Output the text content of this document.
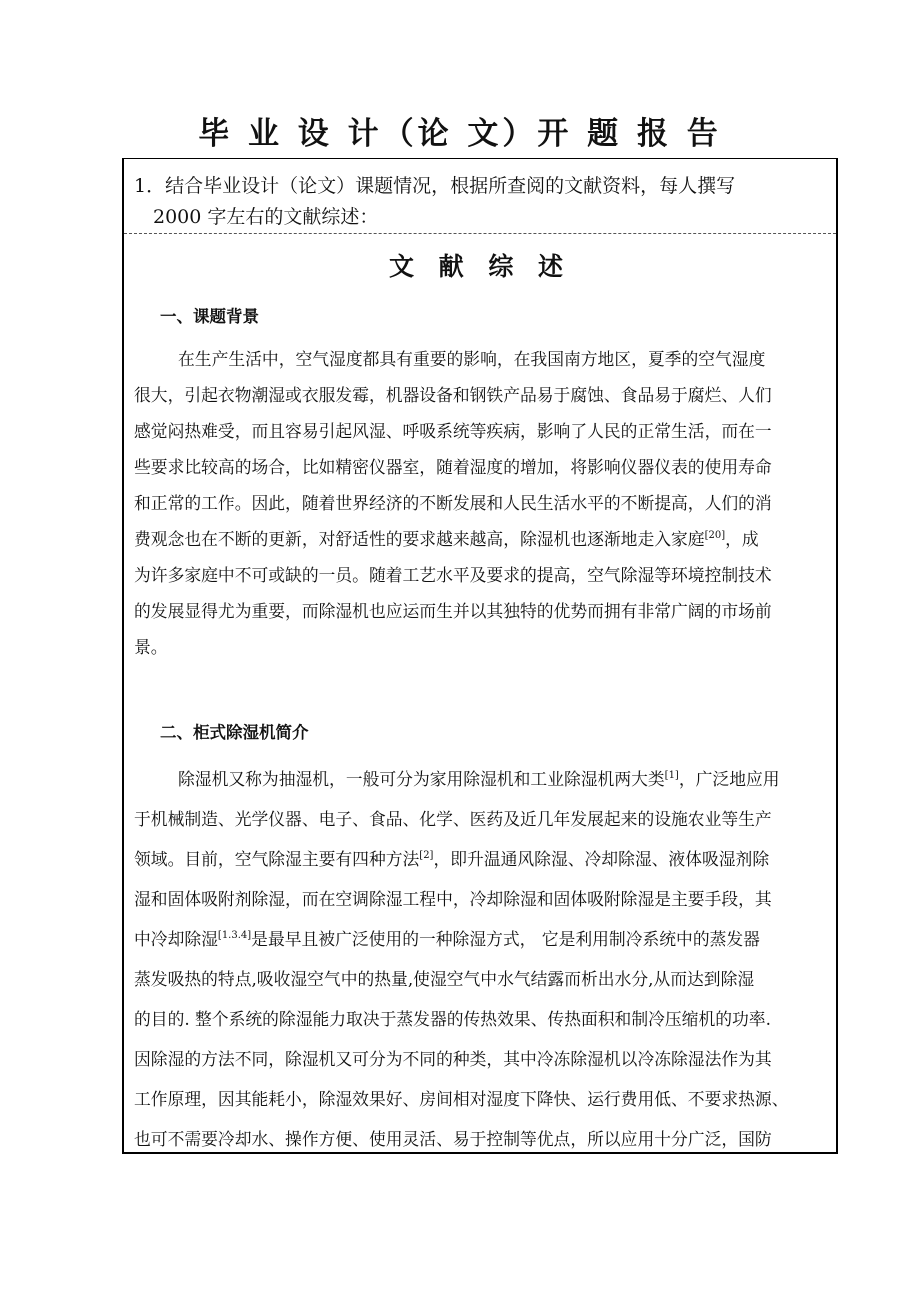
毕 业 设 计（论 文）开 题 报 告
1．结合毕业设计（论文）课题情况，根据所查阅的文献资料，每人撰写
2000 字左右的文献综述：
文 献 综 述
一、课题背景
在生产生活中，空气湿度都具有重要的影响，在我国南方地区，夏季的空气湿度
很大，引起衣物潮湿或衣服发霉，机器设备和钢铁产品易于腐蚀、食品易于腐烂、人们
感觉闷热难受，而且容易引起风湿、呼吸系统等疾病，影响了人民的正常生活，而在一
些要求比较高的场合，比如精密仪器室，随着湿度的增加，将影响仪器仪表的使用寿命
和正常的工作。因此，随着世界经济的不断发展和人民生活水平的不断提高，人们的消
费观念也在不断的更新，对舒适性的要求越来越高，除湿机也逐渐地走入家庭[20]，成
为许多家庭中不可或缺的一员。随着工艺水平及要求的提高，空气除湿等环境控制技术
的发展显得尤为重要，而除湿机也应运而生并以其独特的优势而拥有非常广阔的市场前
景。
二、柜式除湿机简介
除湿机又称为抽湿机，一般可分为家用除湿机和工业除湿机两大类[1]，广泛地应用
于机械制造、光学仪器、电子、食品、化学、医药及近几年发展起来的设施农业等生产
领域。目前，空气除湿主要有四种方法[2]，即升温通风除湿、冷却除湿、液体吸湿剂除
湿和固体吸附剂除湿，而在空调除湿工程中，冷却除湿和固体吸附除湿是主要手段，其
中冷却除湿[1.3.4]是最早且被广泛使用的一种除湿方式， 它是利用制冷系统中的蒸发器
蒸发吸热的特点,吸收湿空气中的热量,使湿空气中水气结露而析出水分,从而达到除湿
的目的. 整个系统的除湿能力取决于蒸发器的传热效果、传热面积和制冷压缩机的功率.
因除湿的方法不同，除湿机又可分为不同的种类，其中冷冻除湿机以冷冻除湿法作为其
工作原理，因其能耗小，除湿效果好、房间相对湿度下降快、运行费用低、不要求热源、
也可不需要冷却水、操作方便、使用灵活、易于控制等优点，所以应用十分广泛，国防
